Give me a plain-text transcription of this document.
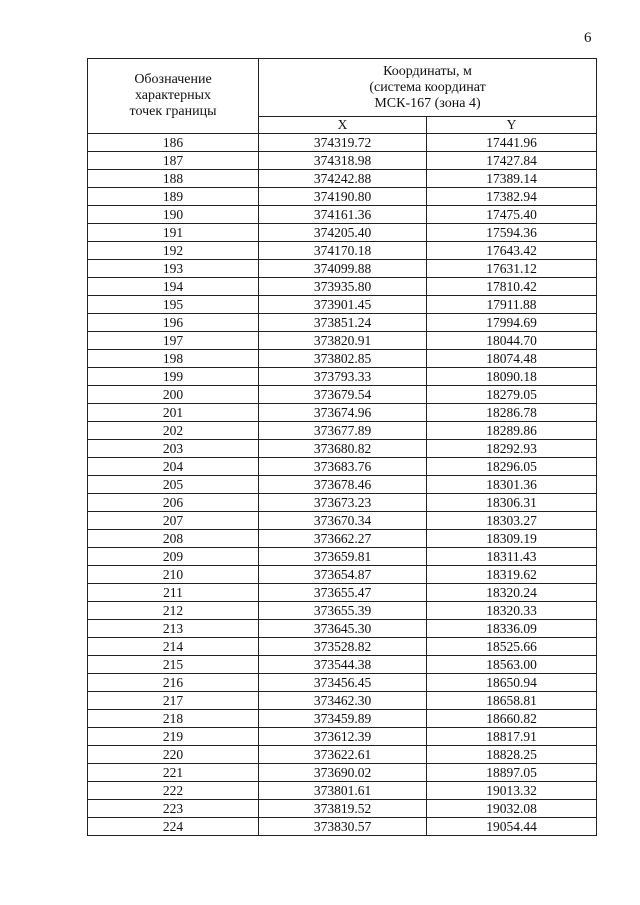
6
Обозначение
характерных
точек границы	Координаты, м
(система координат
МСК-167 (зона 4)	

	X	Y
186	374319.72	17441.96
187	374318.98	17427.84
188	374242.88	17389.14
189	374190.80	17382.94
190	374161.36	17475.40
191	374205.40	17594.36
192	374170.18	17643.42
193	374099.88	17631.12
194	373935.80	17810.42
195	373901.45	17911.88
196	373851.24	17994.69
197	373820.91	18044.70
198	373802.85	18074.48
199	373793.33	18090.18
200	373679.54	18279.05
201	373674.96	18286.78
202	373677.89	18289.86
203	373680.82	18292.93
204	373683.76	18296.05
205	373678.46	18301.36
206	373673.23	18306.31
207	373670.34	18303.27
208	373662.27	18309.19
209	373659.81	18311.43
210	373654.87	18319.62
211	373655.47	18320.24
212	373655.39	18320.33
213	373645.30	18336.09
214	373528.82	18525.66
215	373544.38	18563.00
216	373456.45	18650.94
217	373462.30	18658.81
218	373459.89	18660.82
219	373612.39	18817.91
220	373622.61	18828.25
221	373690.02	18897.05
222	373801.61	19013.32
223	373819.52	19032.08
224	373830.57	19054.44
